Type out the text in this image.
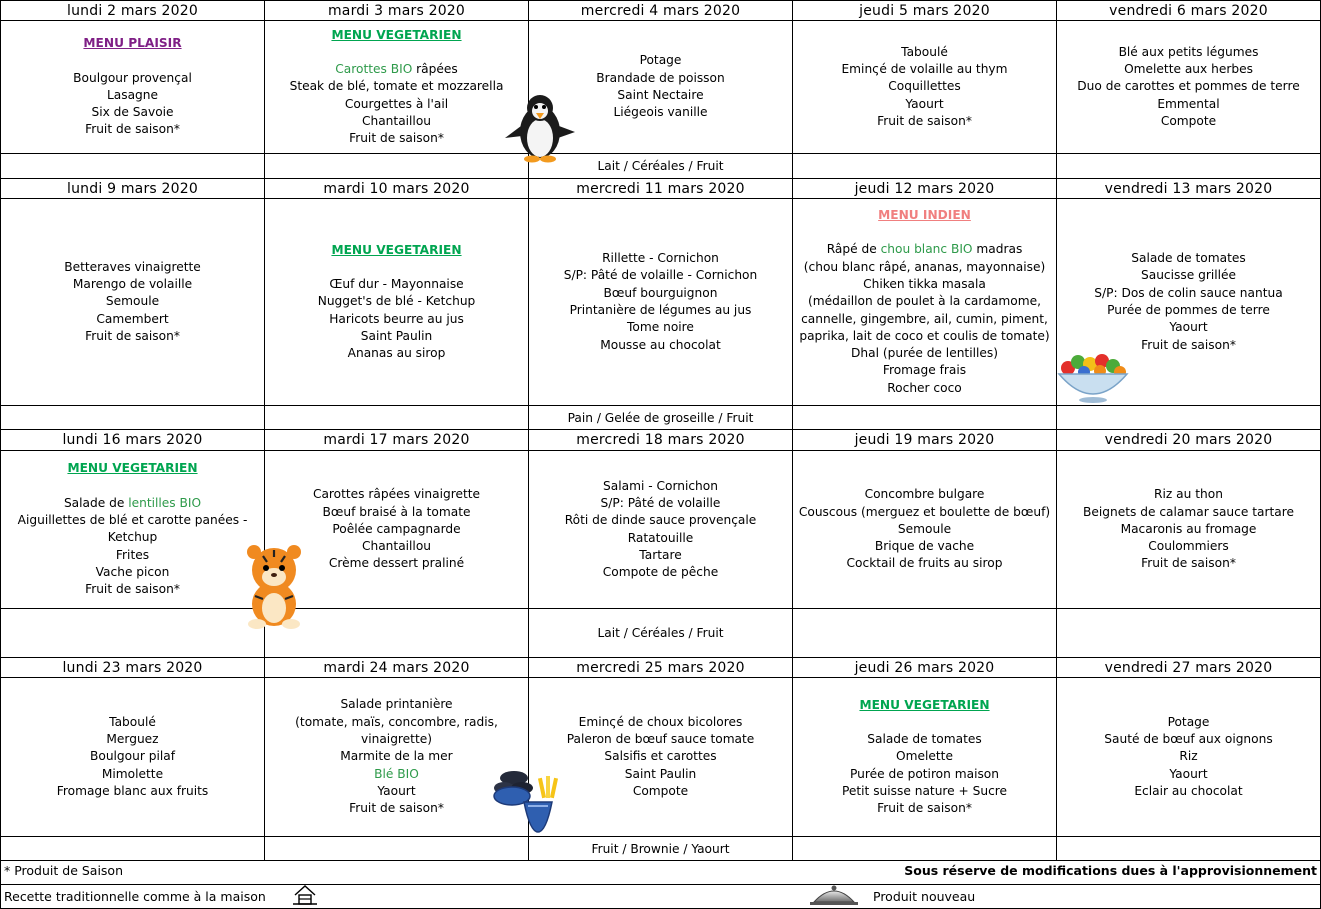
lundi 2 mars 2020
MENU PLAISIR
Boulgour provençal
Lasagne
Six de Savoie
Fruit de saison*
mardi 3 mars 2020
MENU VEGETARIEN
Carottes BIO râpées
Steak de blé, tomate et mozzarella
Courgettes à l'ail
Chantaillou
Fruit de saison*
mercredi 4 mars 2020
Potage
Brandade de poisson
Saint Nectaire
Liégeois vanille
jeudi 5 mars 2020
Taboulé
Eminςé de volaille au thym
Coquillettes
Yaourt
Fruit de saison*
vendredi 6 mars 2020
Blé aux petits légumes
Omelette aux herbes
Duo de carottes et pommes de terre
Emmental
Compote
Lait / Céréales / Fruit
lundi 9 mars 2020
Betteraves vinaigrette
Marengo de volaille
Semoule
Camembert
Fruit de saison*
mardi 10 mars 2020
MENU VEGETARIEN
Œuf dur - Mayonnaise
Nugget's de blé - Ketchup
Haricots beurre au jus
Saint Paulin
Ananas au sirop
mercredi 11 mars 2020
Rillette - Cornichon
S/P: Pâté de volaille - Cornichon
Bœuf bourguignon
Printanière de légumes au jus
Tome noire
Mousse au chocolat
jeudi 12 mars 2020
MENU INDIEN
Râpé de chou blanc BIO madras
(chou blanc râpé, ananas, mayonnaise)
Chiken tikka masala
(médaillon de poulet à la cardamome,
cannelle, gingembre, ail, cumin, piment,
paprika, lait de coco et coulis de tomate)
Dhal (purée de lentilles)
Fromage frais
Rocher coco
vendredi 13 mars 2020
Salade de tomates
Saucisse grillée
S/P: Dos de colin sauce nantua
Purée de pommes de terre
Yaourt
Fruit de saison*
Pain / Gelée de groseille / Fruit
lundi 16 mars 2020
MENU VEGETARIEN
Salade de lentilles BIO
Aiguillettes de blé et carotte panées -
Ketchup
Frites
Vache picon
Fruit de saison*
mardi 17 mars 2020
Carottes râpées vinaigrette
Bœuf braisé à la tomate
Poêlée campagnarde
Chantaillou
Crème dessert praliné
mercredi 18 mars 2020
Salami - Cornichon
S/P: Pâté de volaille
Rôti de dinde sauce provençale
Ratatouille
Tartare
Compote de pêche
jeudi 19 mars 2020
Concombre bulgare
Couscous (merguez et boulette de bœuf)
Semoule
Brique de vache
Cocktail de fruits au sirop
vendredi 20 mars 2020
Riz au thon
Beignets de calamar sauce tartare
Macaronis au fromage
Coulommiers
Fruit de saison*
Lait / Céréales / Fruit
lundi 23 mars 2020
Taboulé
Merguez
Boulgour pilaf
Mimolette
Fromage blanc aux fruits
mardi 24 mars 2020
Salade printanière
(tomate, maïs, concombre, radis,
vinaigrette)
Marmite de la mer
Blé BIO
Yaourt
Fruit de saison*
mercredi 25 mars 2020
Eminςé de choux bicolores
Paleron de bœuf sauce tomate
Salsifis et carottes
Saint Paulin
Compote
jeudi 26 mars 2020
MENU VEGETARIEN
Salade de tomates
Omelette
Purée de potiron maison
Petit suisse nature + Sucre
Fruit de saison*
vendredi 27 mars 2020
Potage
Sauté de bœuf aux oignons
Riz
Yaourt
Eclair au chocolat
Fruit / Brownie / Yaourt
* Produit de Saison	Sous réserve de modifications dues à l'approvisionnement
Recette traditionnelle comme à la maison	Produit nouveau
